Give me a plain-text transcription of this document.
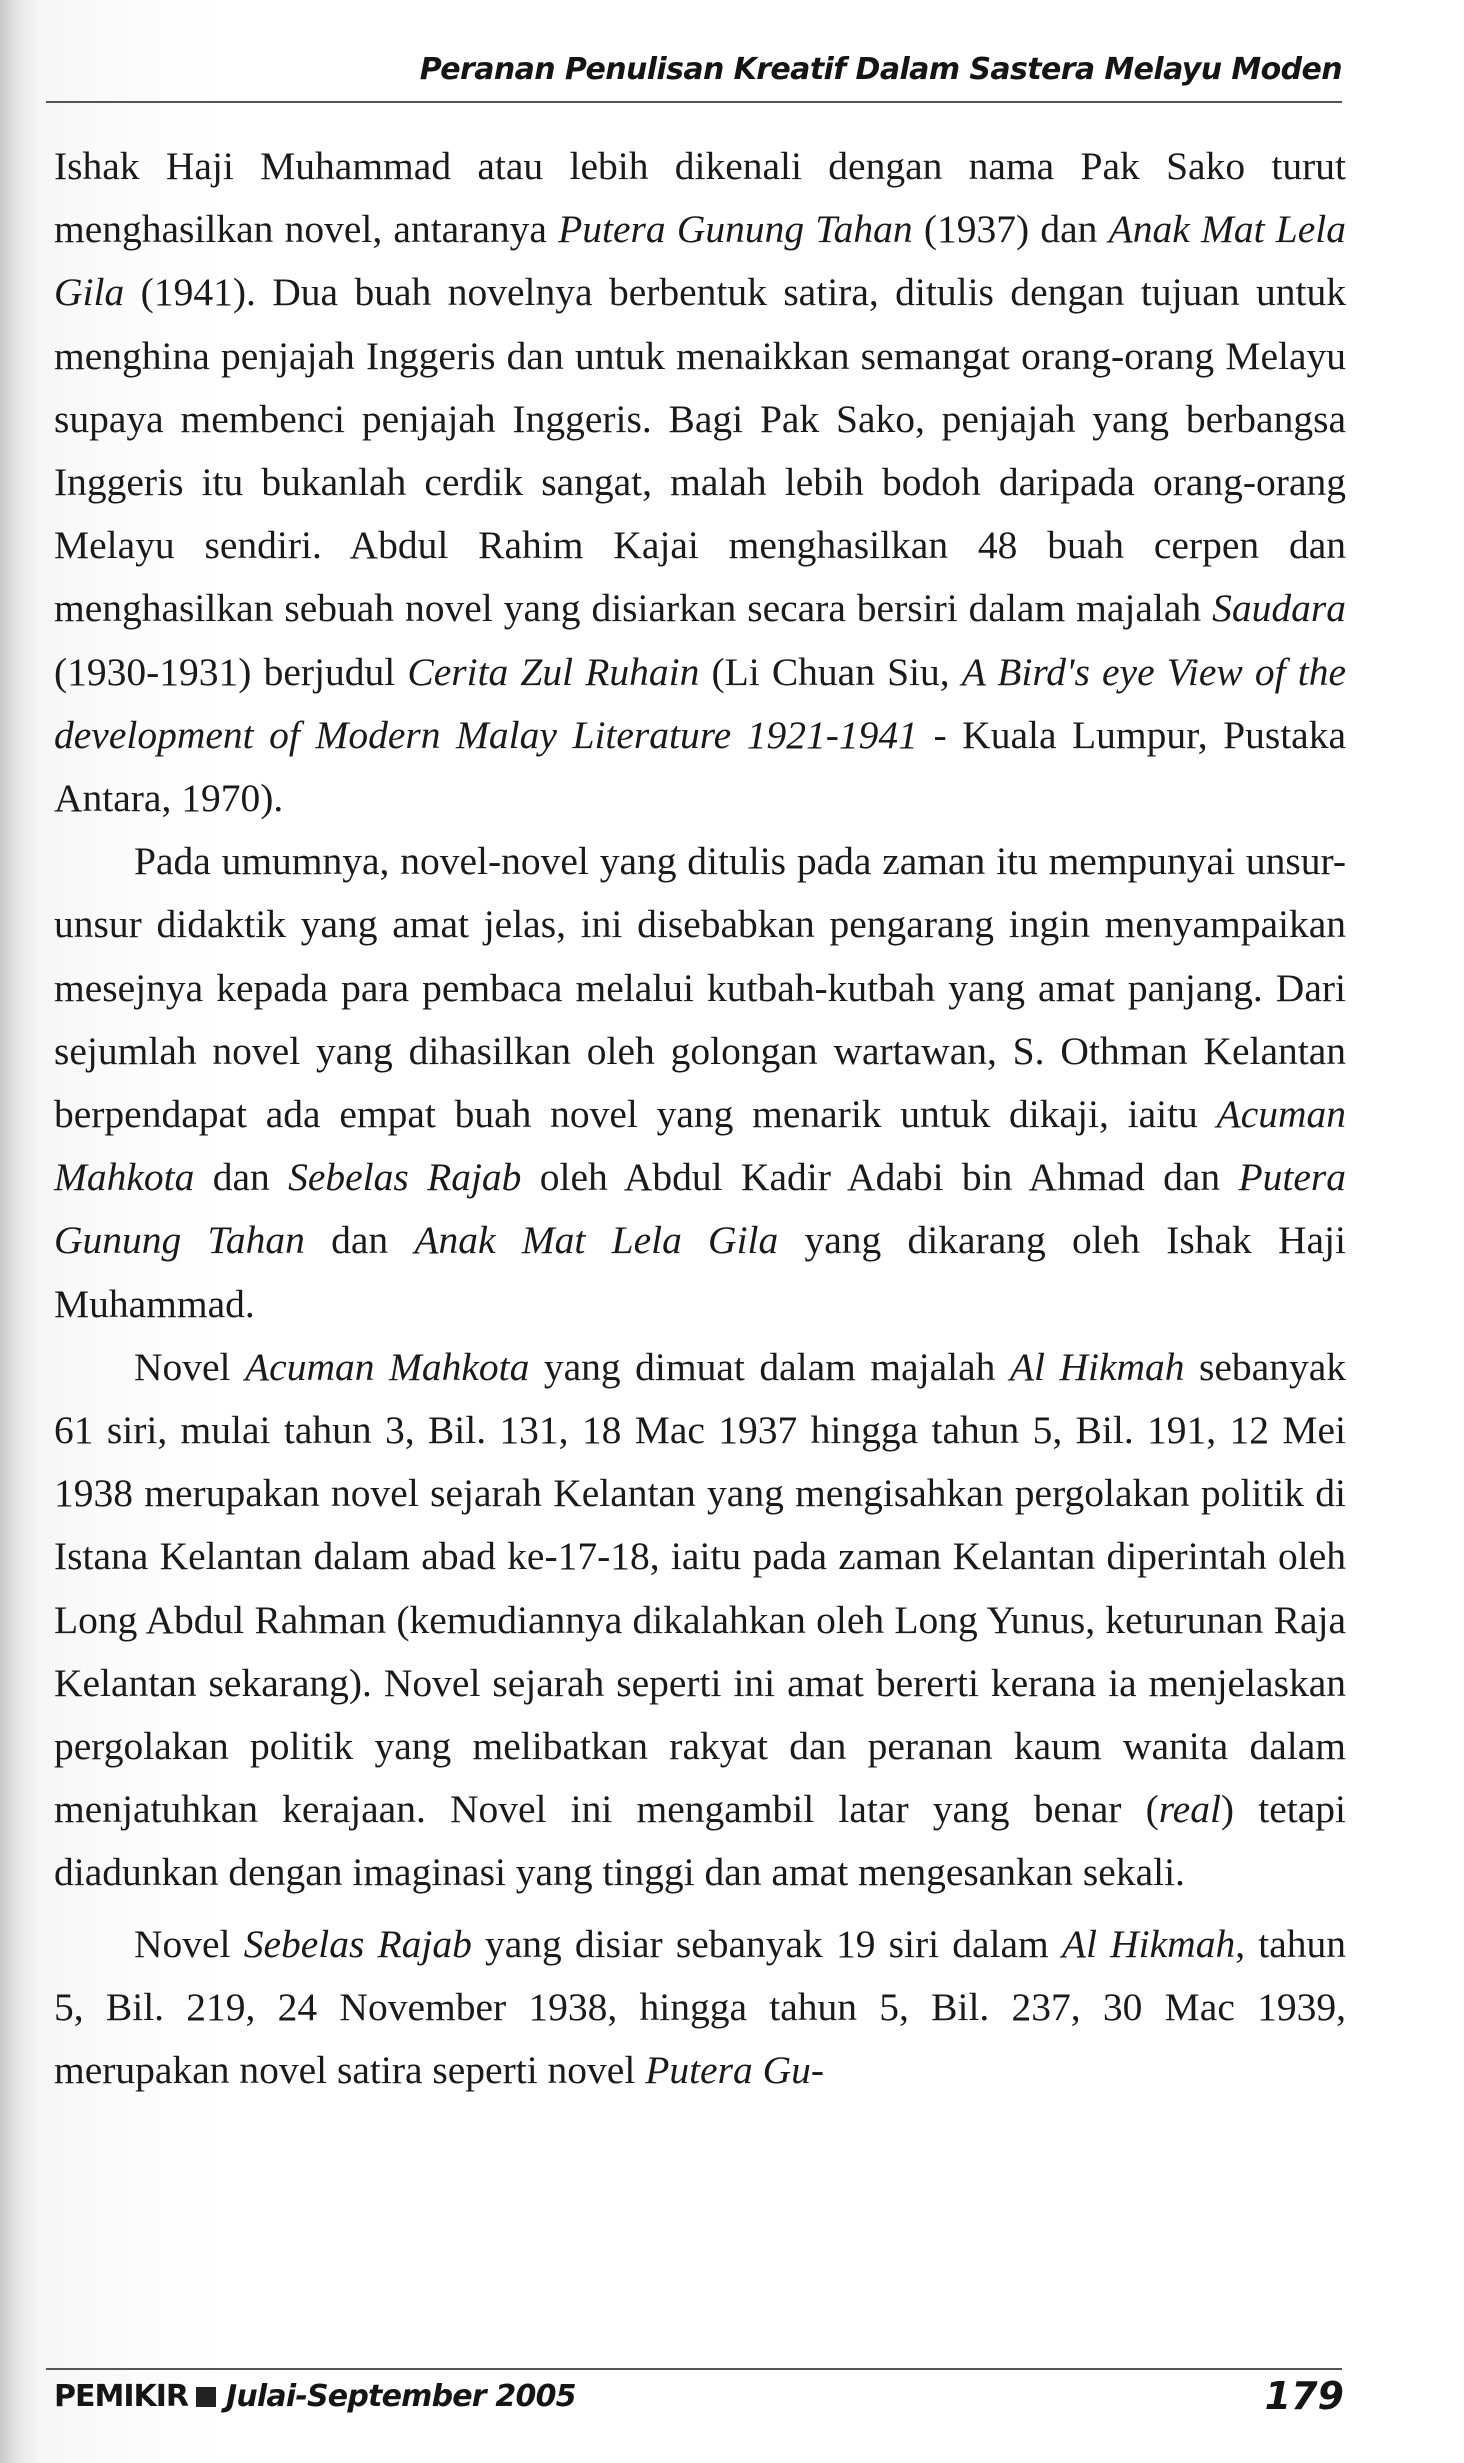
Peranan Penulisan Kreatif Dalam Sastera Melayu Moden

Ishak Haji Muhammad atau lebih dikenali dengan nama Pak Sako turut menghasilkan novel, antaranya Putera Gunung Tahan (1937) dan Anak Mat Lela Gila (1941). Dua buah novelnya berbentuk satira, ditulis dengan tujuan untuk menghina penjajah Inggeris dan untuk menaikkan semangat orang-orang Melayu supaya membenci penjajah Inggeris. Bagi Pak Sako, penjajah yang berbangsa Inggeris itu bukanlah cerdik sangat, malah lebih bodoh daripada orang-orang Melayu sendiri. Abdul Rahim Kajai menghasilkan 48 buah cerpen dan menghasilkan sebuah novel yang disiarkan secara bersiri dalam majalah Saudara (1930-1931) berjudul Cerita Zul Ruhain (Li Chuan Siu, A Bird's eye View of the development of Modern Malay Literature 1921-1941 - Kuala Lumpur, Pustaka Antara, 1970).

Pada umumnya, novel-novel yang ditulis pada zaman itu mempunyai unsur-unsur didaktik yang amat jelas, ini disebabkan pengarang ingin menyampaikan mesejnya kepada para pembaca melalui kutbah-kutbah yang amat panjang. Dari sejumlah novel yang dihasilkan oleh golongan wartawan, S. Othman Kelantan berpendapat ada empat buah novel yang menarik untuk dikaji, iaitu Acuman Mahkota dan Sebelas Rajab oleh Abdul Kadir Adabi bin Ahmad dan Putera Gunung Tahan dan Anak Mat Lela Gila yang dikarang oleh Ishak Haji Muhammad.

Novel Acuman Mahkota yang dimuat dalam majalah Al Hikmah sebanyak 61 siri, mulai tahun 3, Bil. 131, 18 Mac 1937 hingga tahun 5, Bil. 191, 12 Mei 1938 merupakan novel sejarah Kelantan yang mengisahkan pergolakan politik di Istana Kelantan dalam abad ke-17-18, iaitu pada zaman Kelantan diperintah oleh Long Abdul Rahman (kemudiannya dikalahkan oleh Long Yunus, keturunan Raja Kelantan sekarang). Novel sejarah seperti ini amat bererti kerana ia menjelaskan pergolakan politik yang melibatkan rakyat dan peranan kaum wanita dalam menjatuhkan kerajaan. Novel ini mengambil latar yang benar (real) tetapi diadunkan dengan imaginasi yang tinggi dan amat mengesankan sekali.

Novel Sebelas Rajab yang disiar sebanyak 19 siri dalam Al Hikmah, tahun 5, Bil. 219, 24 November 1938, hingga tahun 5, Bil. 237, 30 Mac 1939, merupakan novel satira seperti novel Putera Gu-

PEMIKIR Julai-September 2005	179
